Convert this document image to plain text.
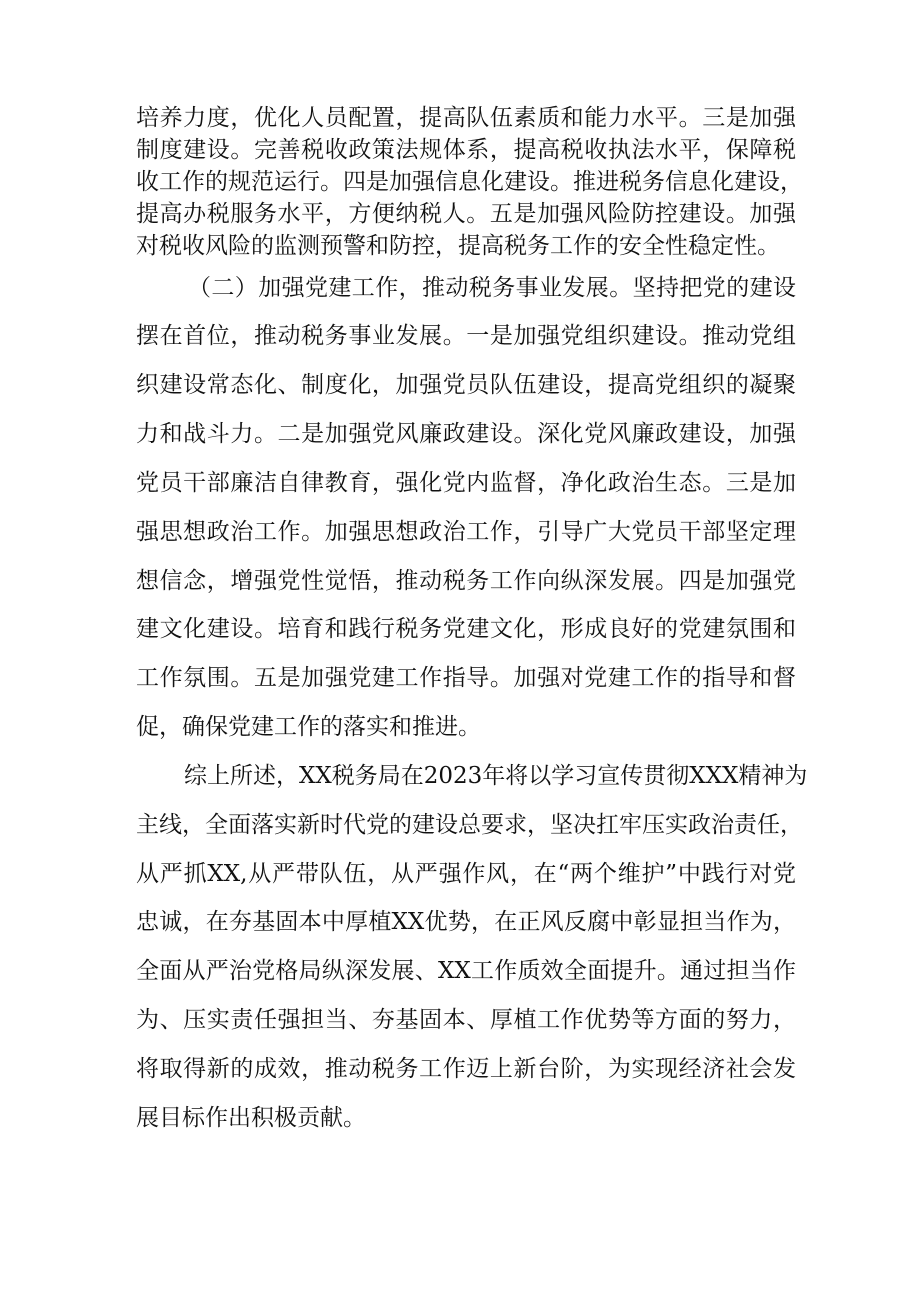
培养力度，优化人员配置，提高队伍素质和能力水平。三是加强

制度建设。完善税收政策法规体系，提高税收执法水平，保障税

收工作的规范运行。四是加强信息化建设。推进税务信息化建设，

提高办税服务水平，方便纳税人。五是加强风险防控建设。加强

对税收风险的监测预警和防控，提高税务工作的安全性稳定性。

（二）加强党建工作，推动税务事业发展。坚持把党的建设

摆在首位，推动税务事业发展。一是加强党组织建设。推动党组

织建设常态化、制度化，加强党员队伍建设，提高党组织的凝聚

力和战斗力。二是加强党风廉政建设。深化党风廉政建设，加强

党员干部廉洁自律教育，强化党内监督，净化政治生态。三是加

强思想政治工作。加强思想政治工作，引导广大党员干部坚定理

想信念，增强党性觉悟，推动税务工作向纵深发展。四是加强党

建文化建设。培育和践行税务党建文化，形成良好的党建氛围和

工作氛围。五是加强党建工作指导。加强对党建工作的指导和督

促，确保党建工作的落实和推进。

综上所述，XX税务局在2023年将以学习宣传贯彻XXX精神为

主线，全面落实新时代党的建设总要求，坚决扛牢压实政治责任，

从严抓XX,从严带队伍，从严强作风，在“两个维护”中践行对党

忠诚，在夯基固本中厚植XX优势，在正风反腐中彰显担当作为，

全面从严治党格局纵深发展、XX工作质效全面提升。通过担当作

为、压实责任强担当、夯基固本、厚植工作优势等方面的努力，

将取得新的成效，推动税务工作迈上新台阶，为实现经济社会发

展目标作出积极贡献。
